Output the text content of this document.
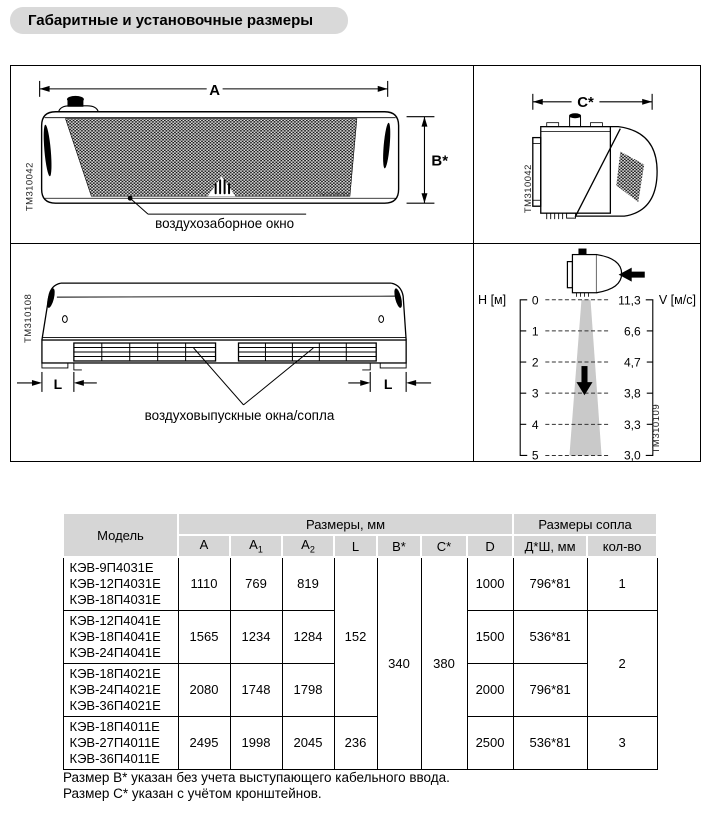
Габаритные и установочные размеры
A
Тепломаш
B*
TM310042
воздухозаборное окно
C*
TM310042
L	L
воздуховыпускные окна/сопла
TM310108	H [м]	V [м/с]
0
1
2
3
4
5
11,3
6,6
4,7
3,8
3,3
3,0
TM310109
Модель	Размеры, мм							Размеры сопла	
	A	$A_1$	$A_2$	L	B*	C*	D	Д*Ш, мм	кол-во

КЭВ-9П4031Е
КЭВ-12П4031Е
КЭВ-18П4031Е	1110	769	819	152	340	380	1000	796*81	1

КЭВ-12П4041Е
КЭВ-18П4041Е
КЭВ-24П4041Е	1565	1234	1284				1500	536*81	2

КЭВ-18П4021Е
КЭВ-24П4021Е
КЭВ-36П4021Е	2080	1748	1798				2000	796*81	

КЭВ-18П4011Е
КЭВ-27П4011Е
КЭВ-36П4011Е	2495	1998	2045	236			2500	536*81	3
Размер В* указан без учета выступающего кабельного ввода.
Размер С* указан с учётом кронштейнов.
